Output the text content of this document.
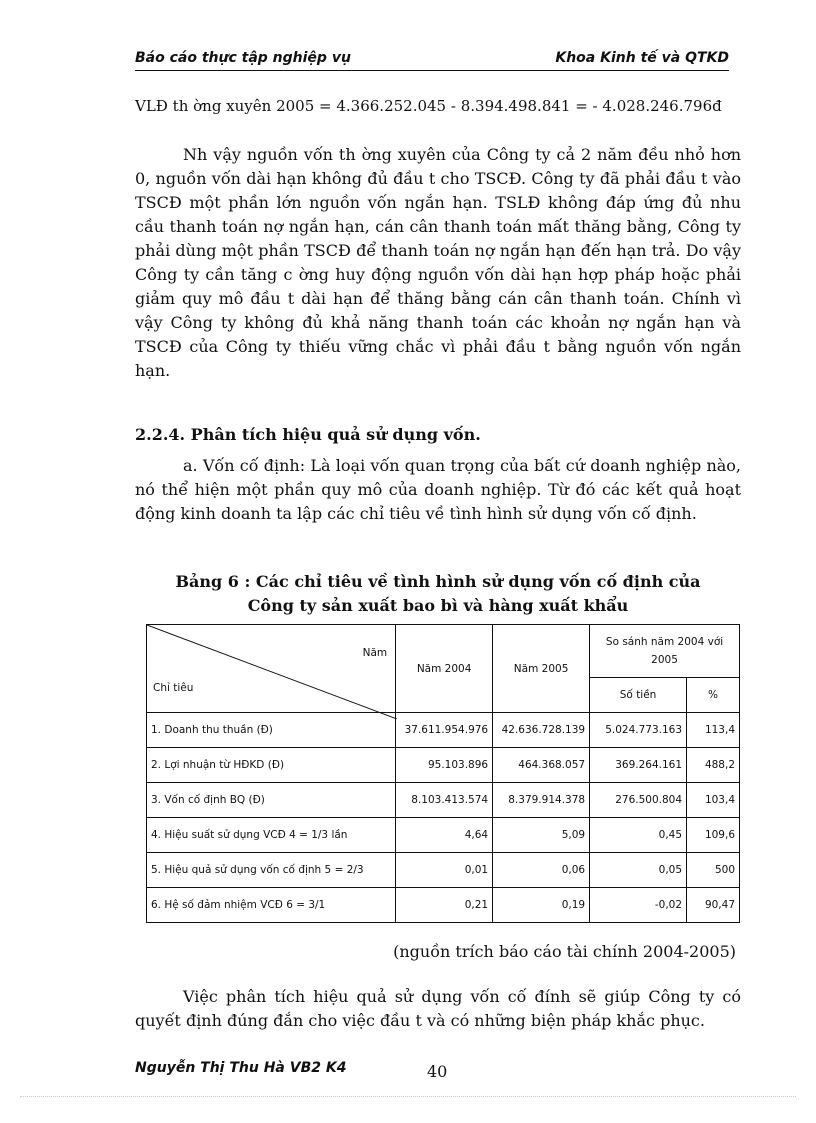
Báo cáo thực tập nghiệp vụ	Khoa Kinh tế và QTKD
VLĐ th ờng xuyên 2005 = 4.366.252.045 - 8.394.498.841 = - 4.028.246.796đ

Nh vậy nguồn vốn th ờng xuyên của Công ty cả 2 năm đều nhỏ hơn 0, nguồn vốn dài hạn không đủ đầu t cho TSCĐ. Công ty đã phải đầu t vào TSCĐ một phần lớn nguồn vốn ngắn hạn. TSLĐ không đáp ứng đủ nhu cầu thanh toán nợ ngắn hạn, cán cân thanh toán mất thăng bằng, Công ty phải dùng một phần TSCĐ để thanh toán nợ ngắn hạn đến hạn trả. Do vậy Công ty cần tăng c ờng huy động nguồn vốn dài hạn hợp pháp hoặc phải giảm quy mô đầu t dài hạn để thăng bằng cán cân thanh toán. Chính vì vậy Công ty không đủ khả năng thanh toán các khoản nợ ngắn hạn và TSCĐ của Công ty thiếu vững chắc vì phải đầu t bằng nguồn vốn ngắn hạn.

2.2.4. Phân tích hiệu quả sử dụng vốn.

a. Vốn cố định: Là loại vốn quan trọng của bất cứ doanh nghiệp nào, nó thể hiện một phần quy mô của doanh nghiệp. Từ đó các kết quả hoạt động kinh doanh ta lập các chỉ tiêu về tình hình sử dụng vốn cố định.

Bảng 6 : Các chỉ tiêu về tình hình sử dụng vốn cố định của
Công ty sản xuất bao bì và hàng xuất khẩu
Năm
Chỉ tiêu	Năm 2004	Năm 2005	So sánh năm 2004 với 2005	
			Số tiền	%
1. Doanh thu thuần (Đ)	37.611.954.976	42.636.728.139	5.024.773.163	113,4
2. Lợi nhuận từ HĐKD (Đ)	95.103.896	464.368.057	369.264.161	488,2
3. Vốn cố định BQ (Đ)	8.103.413.574	8.379.914.378	276.500.804	103,4
4. Hiệu suất sử dụng VCĐ 4 = 1/3 lần	4,64	5,09	0,45	109,6
5. Hiệu quả sử dụng vốn cố định 5 = 2/3	0,01	0,06	0,05	500
6. Hệ số đảm nhiệm VCĐ 6 = 3/1	0,21	0,19	-0,02	90,47
(nguồn trích báo cáo tài chính 2004-2005)

Việc phân tích hiệu quả sử dụng vốn cố đính sẽ giúp Công ty có quyết định đúng đắn cho việc đầu t và có những biện pháp khắc phục.

Nguyễn Thị Thu Hà VB2 K4	40
